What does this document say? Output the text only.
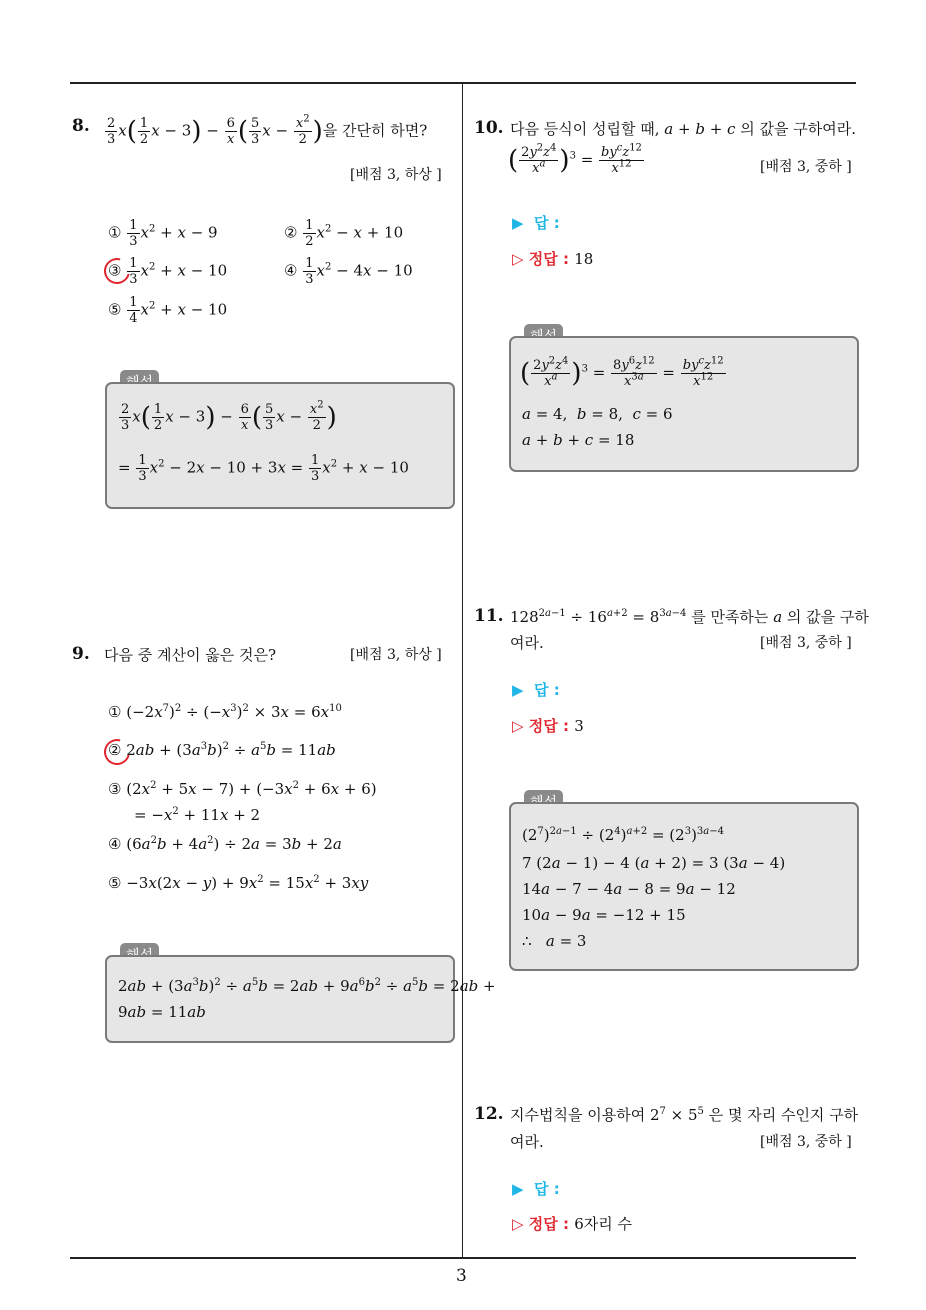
3
8. $\frac{2}{3} x( \frac{1}{2}$ $x - 3) - \frac{6}{x}$ ( $\frac{5}{3}$ $x - \frac{x^2}{2}$ )을 간단히 하면?
[배점 3, 하상 ]
① $\frac{1}{3} x^2 + x - 9$	② $\frac{1}{2} x^2 - x + 10$
③ $\frac{1}{3} x^2 + x - 10$	④ $\frac{1}{3} x^2 - 4x - 10$
⑤ $\frac{1}{4} x^2 + x - 10$
$\frac{2}{3} x( \frac{1}{2}$ $x - 3) - \frac{6}{x}$ ( $\frac{5}{3}$ $x - \frac{x^2}{2}$ )
= $\frac{1}{3} x^2 - 2x - 10 + 3x = \frac{1}{3} x^2 + x - 10$
9. 다음 중 계산이 옳은 것은?	[배점 3, 하상 ]
① $(-2x^7)^2 \div (-x^3)^2 \times 3x = 6x^{10}$
② $2ab + (3a^3b)^2 \div a^5b = 11ab$
③ $(2x^2 + 5x - 7) + (-3x^2 + 6x + 6)$
= $-x^2 + 11x + 2$
④ $(6a^2b + 4a^2) \div 2a = 3b + 2a$
⑤ $-3x(2x - y) + 9x^2 = 15x^2 + 3xy$
$2ab + (3a^3b)^2 \div a^5b = 2ab + 9a^6b^2 \div a^5b = 2ab$ +
9ab = 11ab
10. 다음 등식이 성립할 때, a + b + c 의 값을 구하여라.
( $\frac{2y^2z^4}{x^a} )^3 = \frac{by^cz^{12}}{x^{12}}$	[배점 3, 중하 ]
▶ 답 :
▷ 정답 : 18
( $\frac{2y^2z^4}{x^a} )^3 = \frac{8y^6z^{12}}{x^{3a}} = \frac{by^cz^{12}}{x^{12}}$
a = 4,  b = 8,  c = 6
a + b + c = 18
11. $128^{2a-1} \div 16^{a+2} = 8^{3a-4}$ 를 만족하는 a 의 값을 구하
여라.	[배점 3, 중하 ]
▶ 답 :
▷ 정답 : 3
$(2^7)^{2a-1} \div (2^4)^{a+2} = (2^3)^{3a-4}$
7 (2a − 1) − 4 (a + 2) = 3 (3a − 4)
14a − 7 − 4a − 8 = 9a − 12
10a − 9a = −12 + 15
∴   a = 3
12. 지수법칙을 이용하여 $2^7 \times 5^5$ 은 몇 자리 수인지 구하
여라.	[배점 3, 중하 ]
▶ 답 :
▷ 정답 : 6자리 수
